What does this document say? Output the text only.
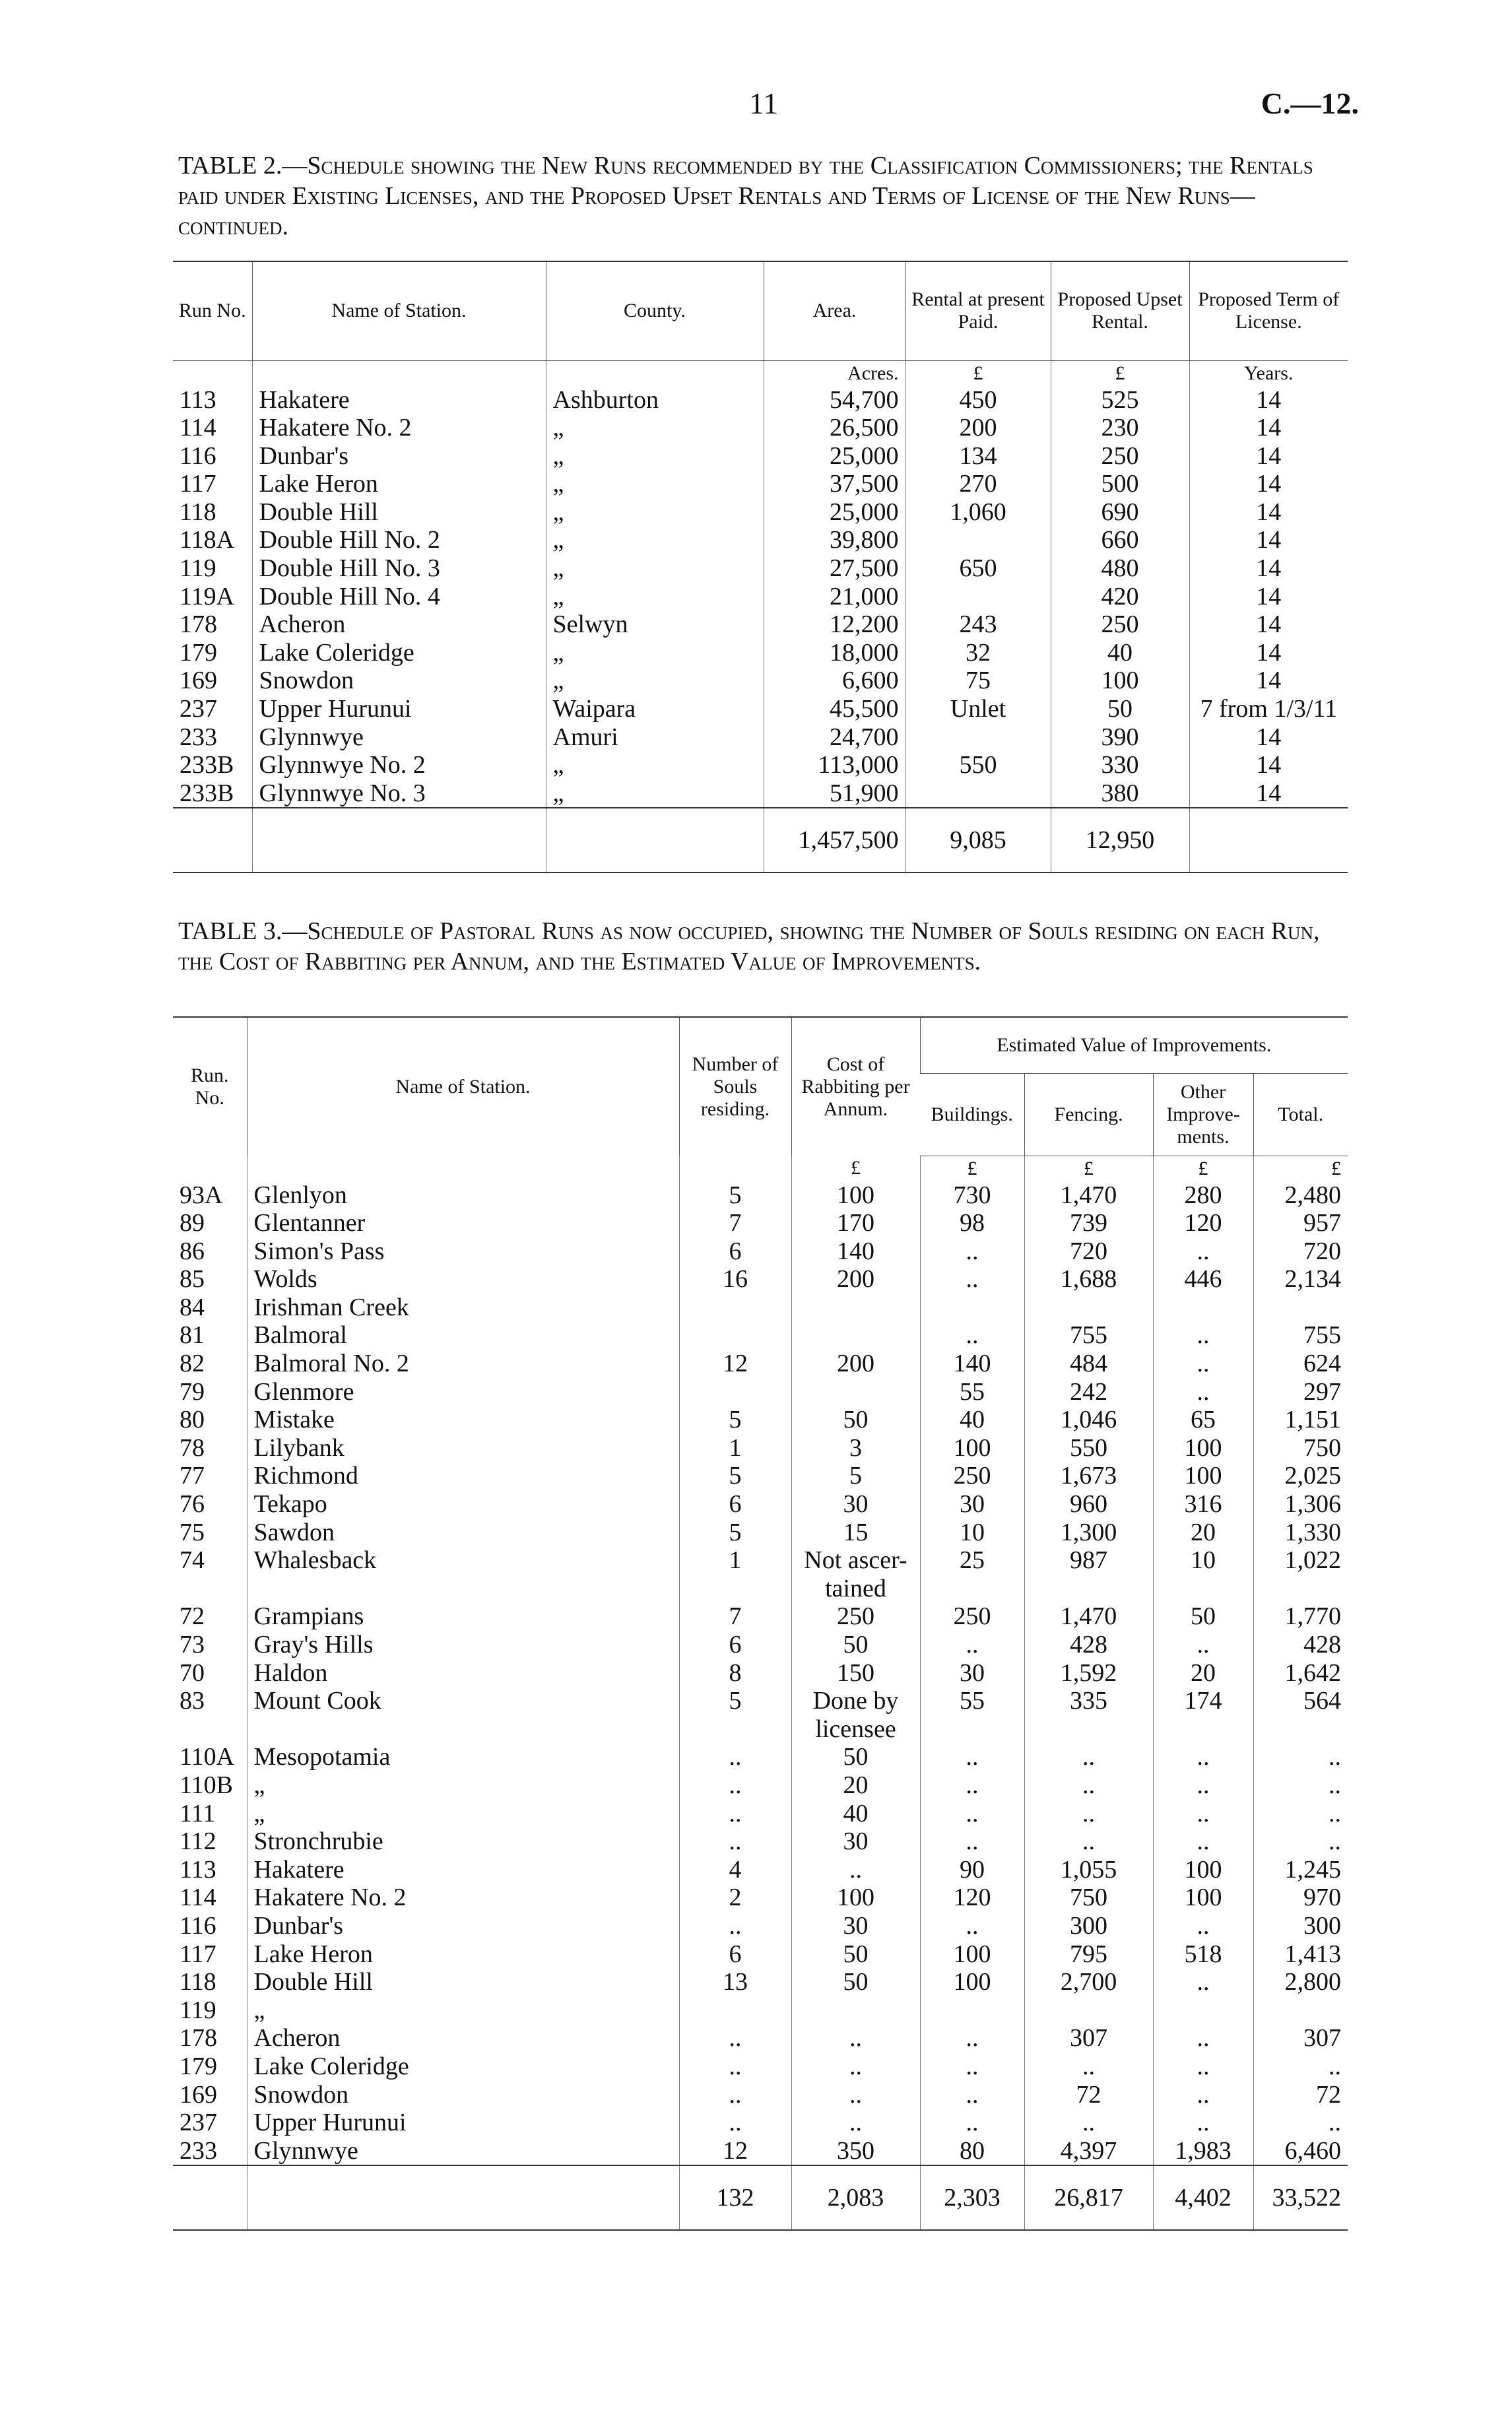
11	C.—12.
TABLE 2.—Schedule showing the New Runs recommended by the Classification Commissioners; the Rentals paid under Existing Licenses, and the Proposed Upset Rentals and Terms of License of the New Runs—continued.
Run No.	Name of Station.	County.	Area.	Rental at present Paid.	Proposed Upset Rental.	Proposed Term of License.
			Acres.	£	£	Years.
113	Hakatere	Ashburton	54,700	450	525	14
114	Hakatere No. 2	„	26,500	200	230	14
116	Dunbar's	„	25,000	134	250	14
117	Lake Heron	„	37,500	270	500	14
118	Double Hill	„	25,000	1,060	690	14
118A	Double Hill No. 2	„	39,800		660	14
119	Double Hill No. 3	„	27,500	650	480	14
119A	Double Hill No. 4	„	21,000		420	14
178	Acheron	Selwyn	12,200	243	250	14
179	Lake Coleridge	„	18,000	32	40	14
169	Snowdon	„	6,600	75	100	14
237	Upper Hurunui	Waipara	45,500	Unlet	50	7 from 1/3/11
233	Glynnwye	Amuri	24,700		390	14
233B	Glynnwye No. 2	„	113,000	550	330	14
233B	Glynnwye No. 3	„	51,900		380	14
			1,457,500	9,085	12,950	
TABLE 3.—Schedule of Pastoral Runs as now occupied, showing the Number of Souls residing on each Run, the Cost of Rabbiting per Annum, and the Estimated Value of Improvements.
Run. No.	Name of Station.	Number of Souls residing.	Cost of Rabbiting per Annum.	Estimated Value of Improvements.			
				Buildings.	Fencing.	Other Improve-ments.	Total.
			£	£	£	£	£
93A	Glenlyon	5	100	730	1,470	280	2,480
89	Glentanner	7	170	98	739	120	957
86	Simon's Pass	6	140	..	720	..	720
85	Wolds	16	200	..	1,688	446	2,134
84	Irishman Creek						
81	Balmoral			..	755	..	755
82	Balmoral No. 2	12	200	140	484	..	624
79	Glenmore			55	242	..	297
80	Mistake	5	50	40	1,046	65	1,151
78	Lilybank	1	3	100	550	100	750
77	Richmond	5	5	250	1,673	100	2,025
76	Tekapo	6	30	30	960	316	1,306
75	Sawdon	5	15	10	1,300	20	1,330
74	Whalesback	1	Not ascer-	25	987	10	1,022
			tained				
72	Grampians	7	250	250	1,470	50	1,770
73	Gray's Hills	6	50	..	428	..	428
70	Haldon	8	150	30	1,592	20	1,642
83	Mount Cook	5	Done by	55	335	174	564
			licensee				
110A	Mesopotamia	..	50	..	..	..	..
110B	„	..	20	..	..	..	..
111	„	..	40	..	..	..	..
112	Stronchrubie	..	30	..	..	..	..
113	Hakatere	4	..	90	1,055	100	1,245
114	Hakatere No. 2	2	100	120	750	100	970
116	Dunbar's	..	30	..	300	..	300
117	Lake Heron	6	50	100	795	518	1,413
118	Double Hill	13	50	100	2,700	..	2,800
119	„						
178	Acheron	..	..	..	307	..	307
179	Lake Coleridge	..	..	..	..	..	..
169	Snowdon	..	..	..	72	..	72
237	Upper Hurunui	..	..	..	..	..	..
233	Glynnwye	12	350	80	4,397	1,983	6,460
		132	2,083	2,303	26,817	4,402	33,522
